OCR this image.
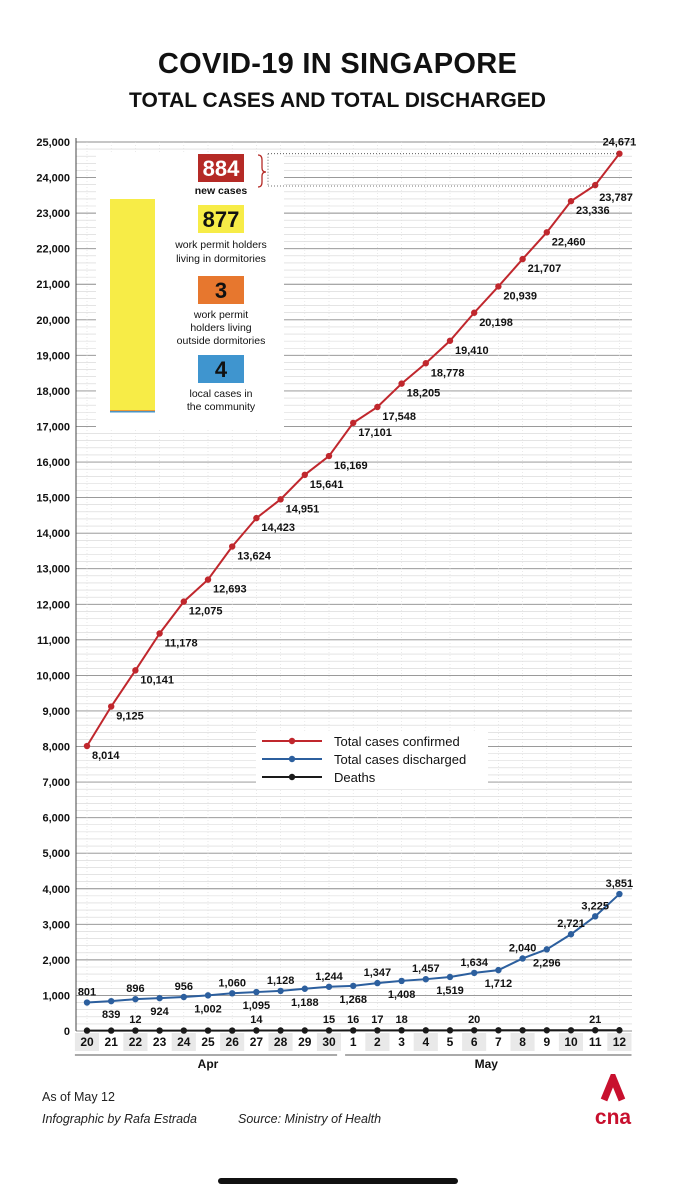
COVID-19 IN SINGAPORE
TOTAL CASES AND TOTAL DISCHARGED
0
1,000
2,000
3,000
4,000
5,000
6,000
7,000
8,000
9,000
10,000
11,000
12,000
13,000
14,000
15,000
16,000
17,000
18,000
19,000
20,000
21,000
22,000
23,000
24,000
25,000
20 21 22 23 24 25 26 27 28 29 30 1 2 3 4 5 6 7 8 9 10 11 12
Apr	May
8,014
9,125
10,141
11,178
12,075
12,693
13,624
14,423
14,951
15,641
16,169
17,101
17,548
18,205
18,778
19,410
20,198
20,939
21,707
22,460
23,336
23,787
24,671
801
839
896
924
956
1,002
1,060
1,095
1,128
1,188
1,244
1,268
1,347
1,408
1,457
1,519
1,634
1,712
2,040
2,296
2,721
3,225
3,851
12	14	15 16 17 18	20	21
884
new cases
877
work permit holders
living in dormitories
3
work permit
holders living
outside dormitories
4
local cases in
the community
Total cases confirmed
Total cases discharged
Deaths
As of May 12
Infographic by Rafa Estrada	Source: Ministry of Health	cna
